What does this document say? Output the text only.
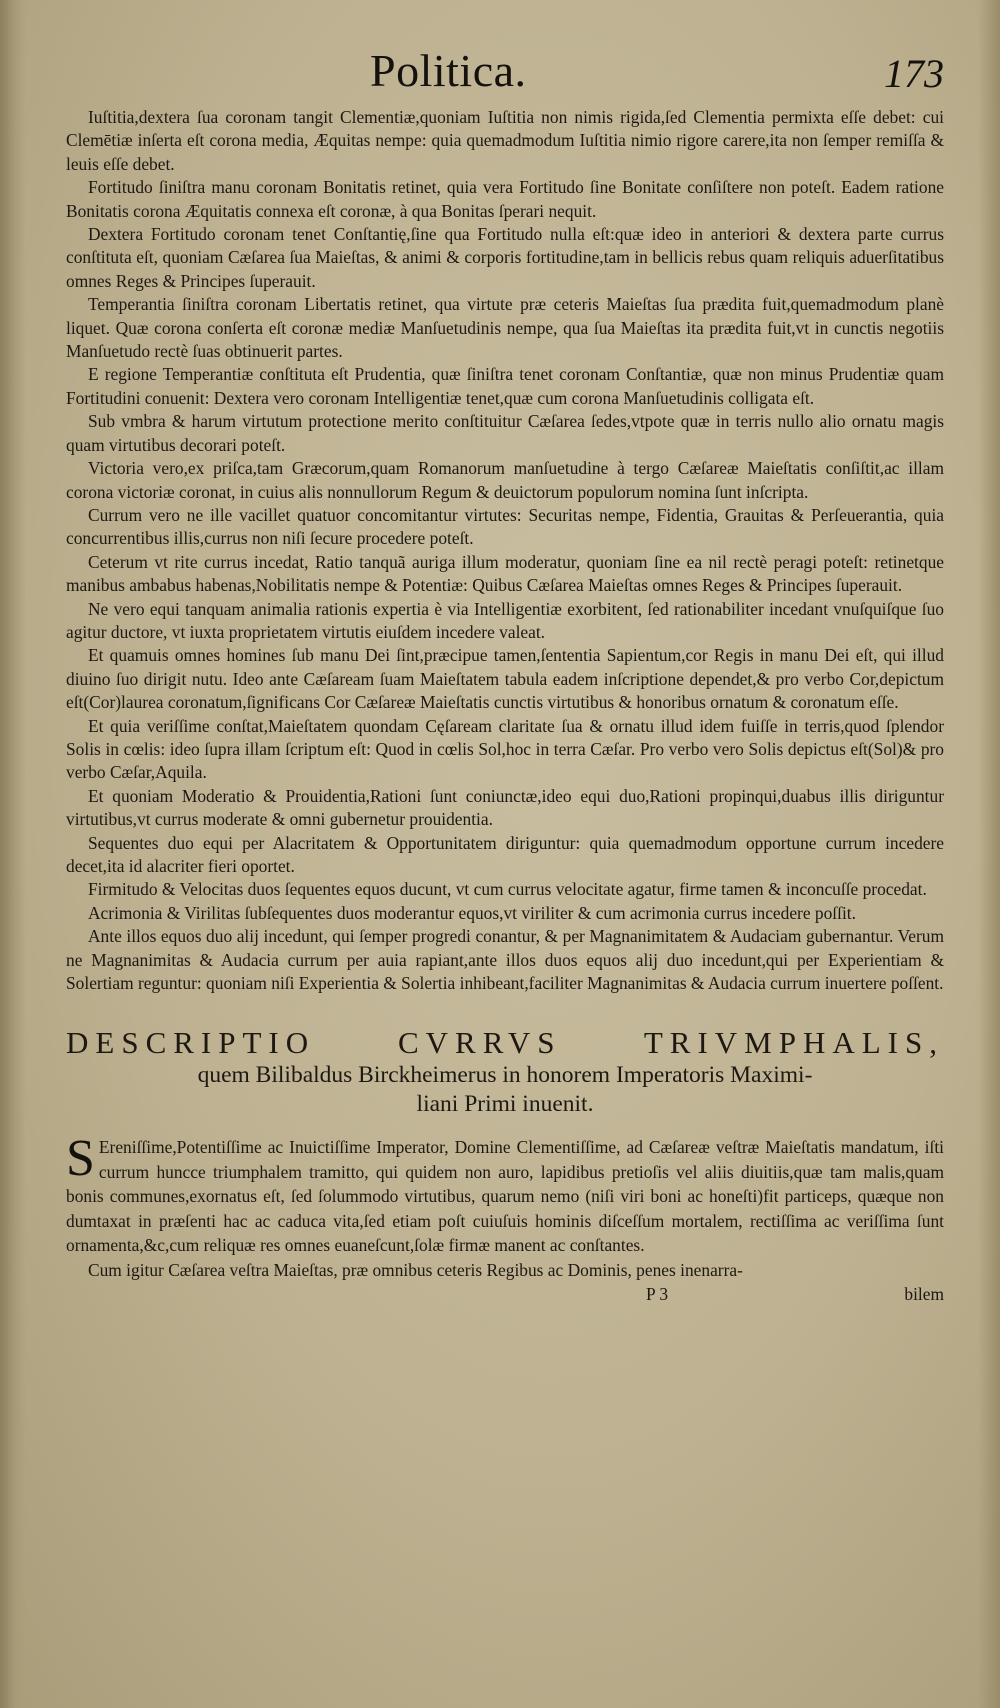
Politica.	173

Iuſtitia,dextera ſua coronam tangit Clementiæ,quoniam Iuſtitia non nimis rigida,ſed Clementia permixta eſſe debet: cui Clemētiæ inſerta eſt corona media, Æquitas nempe: quia quemadmodum Iuſtitia nimio rigore carere,ita non ſemper remiſſa & leuis eſſe debet.

Fortitudo ſiniſtra manu coronam Bonitatis retinet, quia vera Fortitudo ſine Bonitate conſiſtere non poteſt. Eadem ratione Bonitatis corona Æquitatis connexa eſt coronæ, à qua Bonitas ſperari nequit.

Dextera Fortitudo coronam tenet Conſtantię,ſine qua Fortitudo nulla eſt:quæ ideo in anteriori & dextera parte currus conſtituta eſt, quoniam Cæſarea ſua Maieſtas, & animi & corporis fortitudine,tam in bellicis rebus quam reliquis aduerſitatibus omnes Reges & Principes ſuperauit.

Temperantia ſiniſtra coronam Libertatis retinet, qua virtute præ ceteris Maieſtas ſua prædita fuit,quemadmodum planè liquet. Quæ corona conſerta eſt coronæ mediæ Manſuetudinis nempe, qua ſua Maieſtas ita prædita fuit,vt in cunctis negotiis Manſuetudo rectè ſuas obtinuerit partes.

E regione Temperantiæ conſtituta eſt Prudentia, quæ ſiniſtra tenet coronam Conſtantiæ, quæ non minus Prudentiæ quam Fortitudini conuenit: Dextera vero coronam Intelligentiæ tenet,quæ cum corona Manſuetudinis colligata eſt.

Sub vmbra & harum virtutum protectione merito conſtituitur Cæſarea ſedes,vtpote quæ in terris nullo alio ornatu magis quam virtutibus decorari poteſt.

Victoria vero,ex priſca,tam Græcorum,quam Romanorum manſuetudine à tergo Cæſareæ Maieſtatis conſiſtit,ac illam corona victoriæ coronat, in cuius alis nonnullorum Regum & deuictorum populorum nomina ſunt inſcripta.

Currum vero ne ille vacillet quatuor concomitantur virtutes: Securitas nempe, Fidentia, Grauitas & Perſeuerantia, quia concurrentibus illis,currus non niſi ſecure procedere poteſt.

Ceterum vt rite currus incedat, Ratio tanquã auriga illum moderatur, quoniam ſine ea nil rectè peragi poteſt: retinetque manibus ambabus habenas,Nobilitatis nempe & Potentiæ: Quibus Cæſarea Maieſtas omnes Reges & Principes ſuperauit.

Ne vero equi tanquam animalia rationis expertia è via Intelligentiæ exorbitent, ſed rationabiliter incedant vnuſquiſque ſuo agitur ductore, vt iuxta proprietatem virtutis eiuſdem incedere valeat.

Et quamuis omnes homines ſub manu Dei ſint,præcipue tamen,ſententia Sapientum,cor Regis in manu Dei eſt, qui illud diuino ſuo dirigit nutu. Ideo ante Cæſaream ſuam Maieſtatem tabula eadem inſcriptione dependet,& pro verbo Cor,depictum eſt(Cor)laurea coronatum,ſignificans Cor Cæſareæ Maieſtatis cunctis virtutibus & honoribus ornatum & coronatum eſſe.

Et quia veriſſime conſtat,Maieſtatem quondam Cęſaream claritate ſua & ornatu illud idem fuiſſe in terris,quod ſplendor Solis in cœlis: ideo ſupra illam ſcriptum eſt: Quod in cœlis Sol,hoc in terra Cæſar. Pro verbo vero Solis depictus eſt(Sol)& pro verbo Cæſar,Aquila.

Et quoniam Moderatio & Prouidentia,Rationi ſunt coniunctæ,ideo equi duo,Rationi propinqui,duabus illis diriguntur virtutibus,vt currus moderate & omni gubernetur prouidentia.

Sequentes duo equi per Alacritatem & Opportunitatem diriguntur: quia quemadmodum opportune currum incedere decet,ita id alacriter fieri oportet.

Firmitudo & Velocitas duos ſequentes equos ducunt, vt cum currus velocitate agatur, firme tamen & inconcuſſe procedat.

Acrimonia & Virilitas ſubſequentes duos moderantur equos,vt viriliter & cum acrimonia currus incedere poſſit.

Ante illos equos duo alij incedunt, qui ſemper progredi conantur, & per Magnanimitatem & Audaciam gubernantur. Verum ne Magnanimitas & Audacia currum per auia rapiant,ante illos duos equos alij duo incedunt,qui per Experientiam & Solertiam reguntur: quoniam niſi Experientia & Solertia inhibeant,faciliter Magnanimitas & Audacia currum inuertere poſſent.

DESCRIPTIO CVRRVS TRIVMPHALIS,
quem Bilibaldus Birckheimerus in honorem Imperatoris Maximi-
liani Primi inuenit.

S Ereniſſime,Potentiſſime ac Inuictiſſime Imperator, Domine Clementiſſime, ad Cæſareæ veſtræ Maieſtatis mandatum, iſti currum huncce triumphalem tramitto, qui quidem non auro, lapidibus pretioſis vel aliis diuitiis,quæ tam malis,quam bonis communes,exornatus eſt, ſed ſolummodo virtutibus, quarum nemo (niſi viri boni ac honeſti)fit particeps, quæque non dumtaxat in præſenti hac ac caduca vita,ſed etiam poſt cuiuſuis hominis diſceſſum mortalem, rectiſſima ac veriſſima ſunt ornamenta,&c,cum reliquæ res omnes euaneſcunt,ſolæ firmæ manent ac conſtantes.

Cum igitur Cæſarea veſtra Maieſtas, præ omnibus ceteris Regibus ac Dominis, penes inenarra-

P 3	bilem
